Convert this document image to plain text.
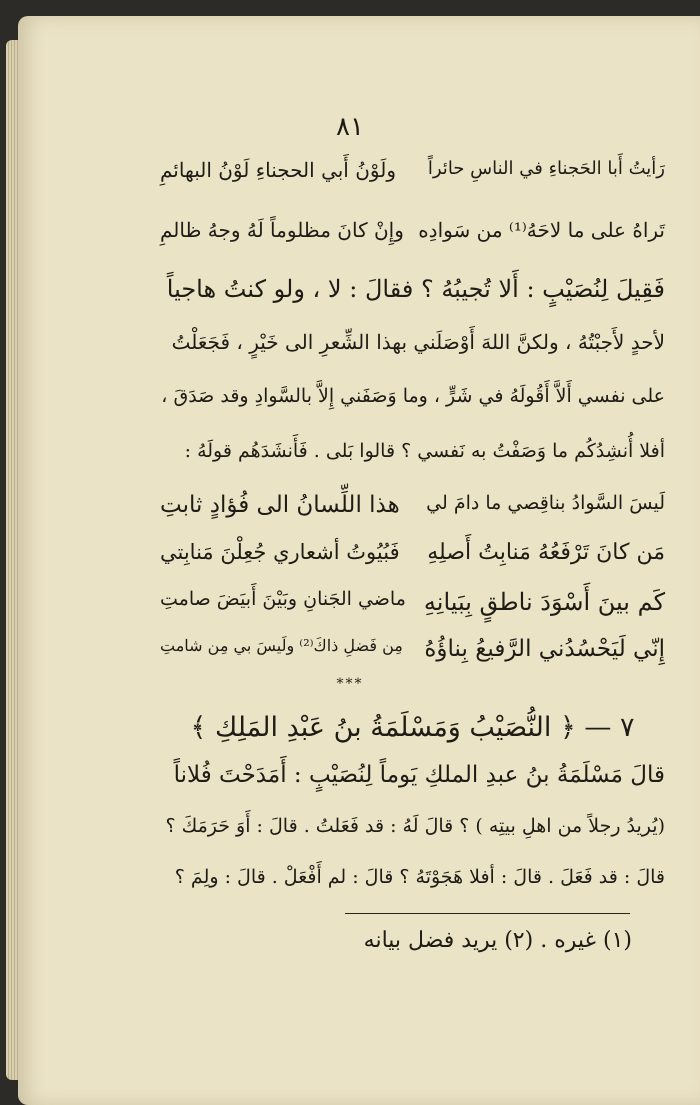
٨١
رَأيتُ أَبا الحَجناءِ في الناسِ حائراً
ولَوْنُ أَبي الحجناءِ لَوْنُ البهائمِ
تَراهُ على ما لاحَهُ⁽¹⁾ من سَوادِه
وإِنْ كانَ مظلوماً لَهُ وجهُ ظالمِ
فَقِيلَ لِنُصَيْبٍ : أَلا تُجيبُهُ ؟ فقالَ : لا ، ولو كنتُ هاجياً
لأحدٍ لأَجبْتُهُ ، ولكنَّ اللهَ أَوْصَلَني بهذا الشِّعرِ الى خَيْرٍ ، فَجَعَلْتُ
على نفسي أَلاَّ أَقُولَهُ في شَرٍّ ، وما وَصَفَني إِلاَّ بالسَّوادِ وقد صَدَقَ ،
أفلا أُنشِدُكُم ما وَصَفْتُ به نَفسي ؟ قالوا بَلى . فَأَنشَدَهُم قولَهُ :
لَيسَ السَّوادُ بناقِصي ما دامَ لي
هذا اللِّسانُ الى فُؤادٍ ثابتِ
مَن كانَ تَرْفَعُهُ مَنابِتُ أَصلِهِ
فَبُيُوتُ أشعاري جُعِلْنَ مَنابِتي
كَم بينَ أَسْوَدَ ناطقٍ بِبَيانِهِ
ماضي الجَنانِ وبَيْنَ أَبيَضَ صامتِ
إِنّي لَيَحْسُدُني الرَّفيعُ بِناؤُهُ
مِن فَضلِ ذاكَ⁽²⁾ ولَيسَ بي مِن شامتِ
***
٧ — ﴿ النُّصَيْبُ وَمَسْلَمَةُ بنُ عَبْدِ المَلِكِ ﴾
قالَ مَسْلَمَةُ بنُ عبدِ الملكِ يَوماً لِنُصَيْبٍ : أَمَدَحْتَ فُلاناً
(يُريدُ رجلاً من اهلِ بيتِه ) ؟ قالَ لَهُ : قد فَعَلتُ . قالَ : أَوَ حَرَمَكَ ؟
قالَ : قد فَعَلَ . قالَ : أفلا هَجَوْتَهُ ؟ قالَ : لم أَفْعَلْ . قالَ : ولِمَ ؟
(١) غيره . (٢) يريد فضل بيانه
